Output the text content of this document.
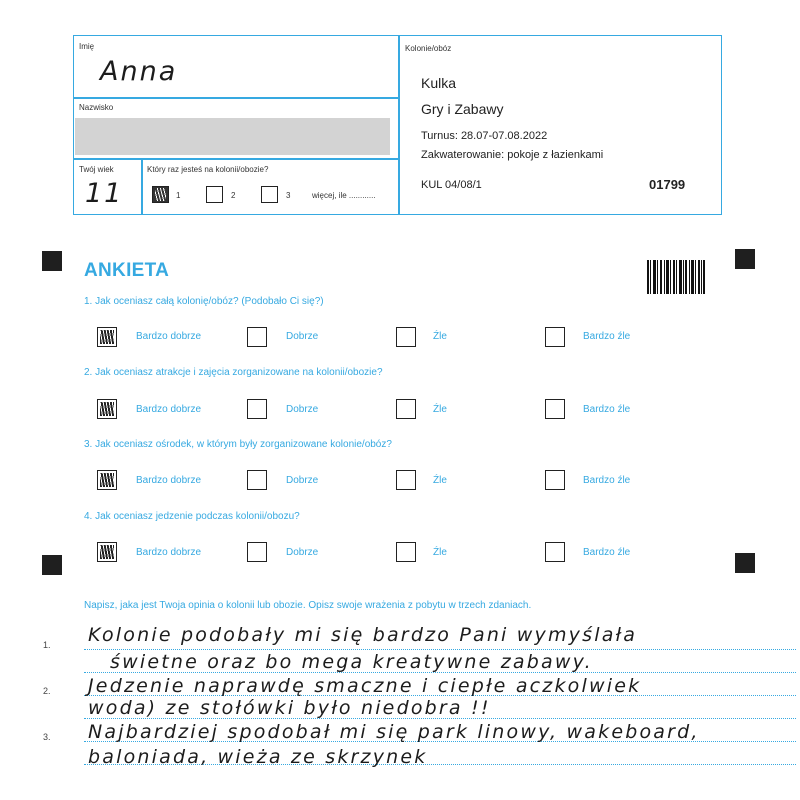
Imię
Anna
Nazwisko
Twój wiek
11
Który raz jesteś na kolonii/obozie?
1	2	3	więcej, ile ............
Kolonie/obóz
Kulka
Gry i Zabawy
Turnus: 28.07-07.08.2022
Zakwaterowanie: pokoje z łazienkami
KUL 04/08/1	01799
ANKIETA
1. Jak oceniasz całą kolonię/obóz? (Podobało Ci się?)
Bardzo dobrze	Dobrze	Źle	Bardzo źle
2. Jak oceniasz atrakcje i zajęcia zorganizowane na kolonii/obozie?
Bardzo dobrze	Dobrze	Źle	Bardzo źle
3. Jak oceniasz ośrodek, w którym były zorganizowane kolonie/obóz?
Bardzo dobrze	Dobrze	Źle	Bardzo źle
4. Jak oceniasz jedzenie podczas kolonii/obozu?
Bardzo dobrze	Dobrze	Źle	Bardzo źle
Napisz, jaka jest Twoja opinia o kolonii lub obozie. Opisz swoje wrażenia z pobytu w trzech zdaniach.
1.
2.
3.
Kolonie podobały mi się bardzo Pani wymyślała
świetne oraz bo mega kreatywne zabawy.
Jedzenie naprawdę smaczne i ciepłe aczkolwiek
woda) ze stołówki było niedobra !!
Najbardziej spodobał mi się park linowy, wakeboard,
baloniada, wieża ze skrzynek
